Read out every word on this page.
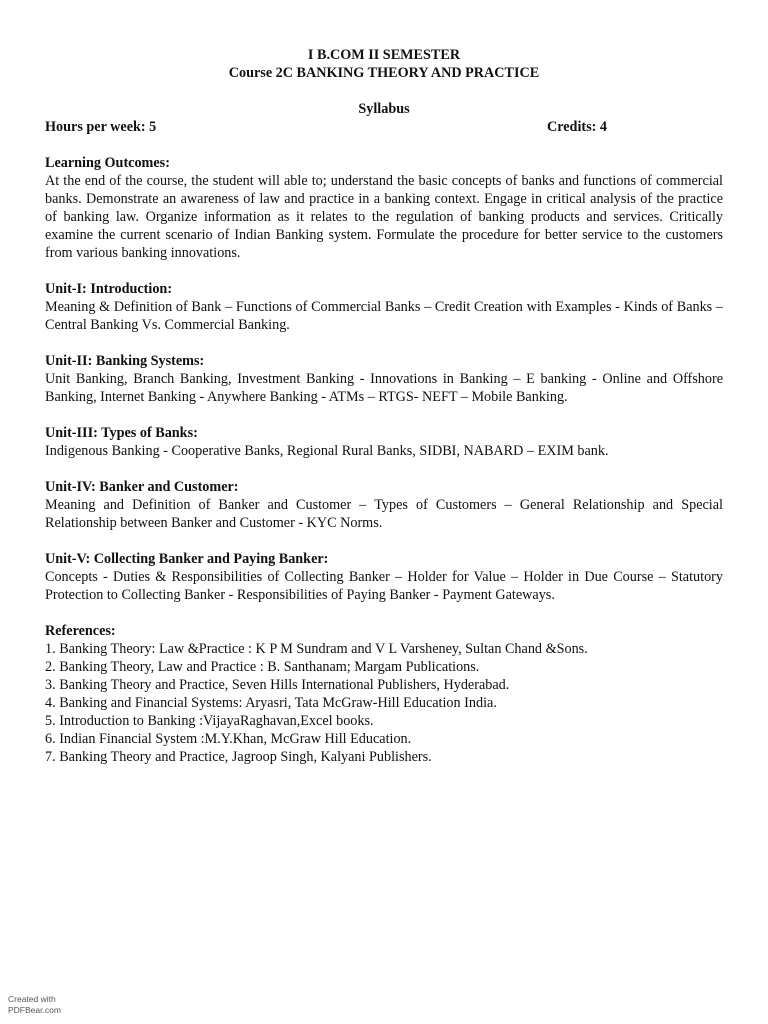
I B.COM II SEMESTER
Course 2C BANKING THEORY AND PRACTICE
Syllabus
Hours per week: 5	Credits: 4
Learning Outcomes:
At the end of the course, the student will able to; understand the basic concepts of banks and functions of commercial banks. Demonstrate an awareness of law and practice in a banking context. Engage in critical analysis of the practice of banking law. Organize information as it relates to the regulation of banking products and services. Critically examine the current scenario of Indian Banking system. Formulate the procedure for better service to the customers from various banking innovations.
Unit-I: Introduction:
Meaning & Definition of Bank – Functions of Commercial Banks – Credit Creation with Examples - Kinds of Banks – Central Banking Vs. Commercial Banking.
Unit-II: Banking Systems:
Unit Banking, Branch Banking, Investment Banking - Innovations in Banking – E banking - Online and Offshore Banking, Internet Banking - Anywhere Banking - ATMs – RTGS- NEFT – Mobile Banking.
Unit-III: Types of Banks:
Indigenous Banking - Cooperative Banks, Regional Rural Banks, SIDBI, NABARD – EXIM bank.
Unit-IV: Banker and Customer:
Meaning and Definition of Banker and Customer – Types of Customers – General Relationship and Special Relationship between Banker and Customer - KYC Norms.
Unit-V: Collecting Banker and Paying Banker:
Concepts - Duties & Responsibilities of Collecting Banker – Holder for Value – Holder in Due Course – Statutory Protection to Collecting Banker - Responsibilities of Paying Banker - Payment Gateways.
References:
1. Banking Theory: Law &Practice : K P M Sundram and V L Varsheney, Sultan Chand &Sons.
2. Banking Theory, Law and Practice : B. Santhanam; Margam Publications.
3. Banking Theory and Practice, Seven Hills International Publishers, Hyderabad.
4. Banking and Financial Systems: Aryasri, Tata McGraw-Hill Education India.
5. Introduction to Banking :VijayaRaghavan,Excel books.
6. Indian Financial System :M.Y.Khan, McGraw Hill Education.
7. Banking Theory and Practice, Jagroop Singh, Kalyani Publishers.
Created with
PDFBear.com
